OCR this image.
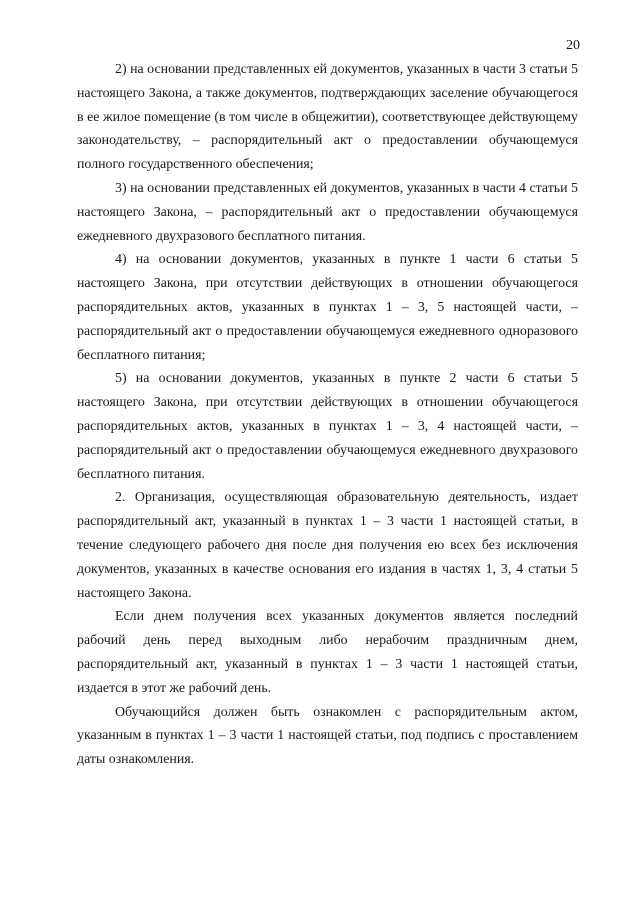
20

2) на основании представленных ей документов, указанных в части 3 статьи 5 настоящего Закона, а также документов, подтверждающих заселение обучающегося в ее жилое помещение (в том числе в общежитии), соответствующее действующему законодательству, – распорядительный акт о предоставлении обучающемуся полного государственного обеспечения;

3) на основании представленных ей документов, указанных в части 4 статьи 5 настоящего Закона, – распорядительный акт о предоставлении обучающемуся ежедневного двухразового бесплатного питания.

4) на основании документов, указанных в пункте 1 части 6 статьи 5 настоящего Закона, при отсутствии действующих в отношении обучающегося распорядительных актов, указанных в пунктах 1 – 3, 5 настоящей части, – распорядительный акт о предоставлении обучающемуся ежедневного одноразового бесплатного питания;

5) на основании документов, указанных в пункте 2 части 6 статьи 5 настоящего Закона, при отсутствии действующих в отношении обучающегося распорядительных актов, указанных в пунктах 1 – 3, 4 настоящей части, – распорядительный акт о предоставлении обучающемуся ежедневного двухразового бесплатного питания.

2. Организация, осуществляющая образовательную деятельность, издает распорядительный акт, указанный в пунктах 1 – 3 части 1 настоящей статьи, в течение следующего рабочего дня после дня получения ею всех без исключения документов, указанных в качестве основания его издания в частях 1, 3, 4 статьи 5 настоящего Закона.

Если днем получения всех указанных документов является последний рабочий день перед выходным либо нерабочим праздничным днем, распорядительный акт, указанный в пунктах 1 – 3 части 1 настоящей статьи, издается в этот же рабочий день.

Обучающийся должен быть ознакомлен с распорядительным актом, указанным в пунктах 1 – 3 части 1 настоящей статьи, под подпись с проставлением даты ознакомления.
